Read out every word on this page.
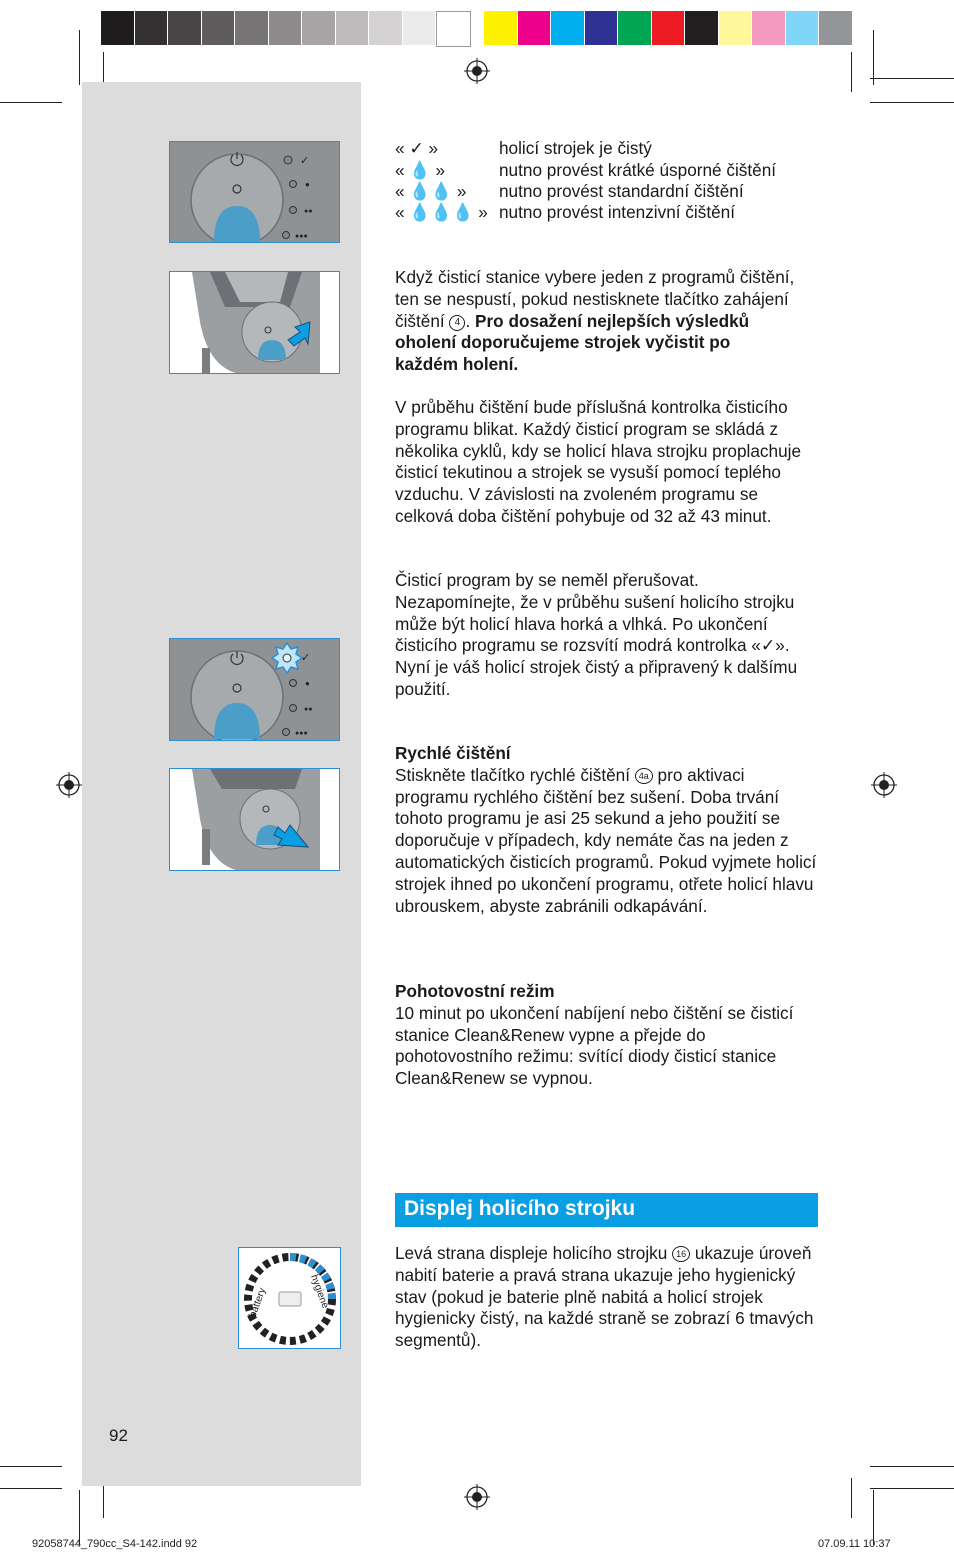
✓
●
●●
●●●
✓
●
●●
●●●
battery	hygiene
« ✓ »	holicí strojek je čistý
« 💧 »	nutno provést krátké úsporné čištění
« 💧💧 » nutno provést standardní čištění
« 💧💧💧 » nutno provést intenzivní čištění

Když čisticí stanice vybere jeden z programů čištění, ten se nespustí, pokud nestisknete tlačítko zahájení čištění 4 . Pro dosažení nejlepších výsledků oholení doporučujeme strojek vyčistit po každém holení.

V průběhu čištění bude příslušná kontrolka čisticího programu blikat. Každý čisticí program se skládá z několika cyklů, kdy se holicí hlava strojku proplachuje čisticí tekutinou a strojek se vysuší pomocí teplého vzduchu. V závislosti na zvoleném programu se celková doba čištění pohybuje od 32 až 43 minut.

Čisticí program by se neměl přerušovat. Nezapomínejte, že v průběhu sušení holicího strojku může být holicí hlava horká a vlhká. Po ukončení čisticího programu se rozsvítí modrá kontrolka «✓». Nyní je váš holicí strojek čistý a připravený k dalšímu použití.

Rychlé čištění

Stiskněte tlačítko rychlé čištění 4a pro aktivaci programu rychlého čištění bez sušení. Doba trvání tohoto programu je asi 25 sekund a jeho použití se doporučuje v případech, kdy nemáte čas na jeden z automatických čisticích programů. Pokud vyjmete holicí strojek ihned po ukončení programu, otřete holicí hlavu ubrouskem, abyste zabránili odkapávání.

Pohotovostní režim

10 minut po ukončení nabíjení nebo čištění se čisticí stanice Clean&Renew vypne a přejde do pohotovostního režimu: svítící diody čisticí stanice Clean&Renew se vypnou.

Displej holicího strojku

Levá strana displeje holicího strojku 16 ukazuje úroveň nabití baterie a pravá strana ukazuje jeho hygienický stav (pokud je baterie plně nabitá a holicí strojek hygienicky čistý, na každé straně se zobrazí 6 tmavých segmentů).

92
92058744_790cc_S4-142.indd 92	07.09.11 10:37
